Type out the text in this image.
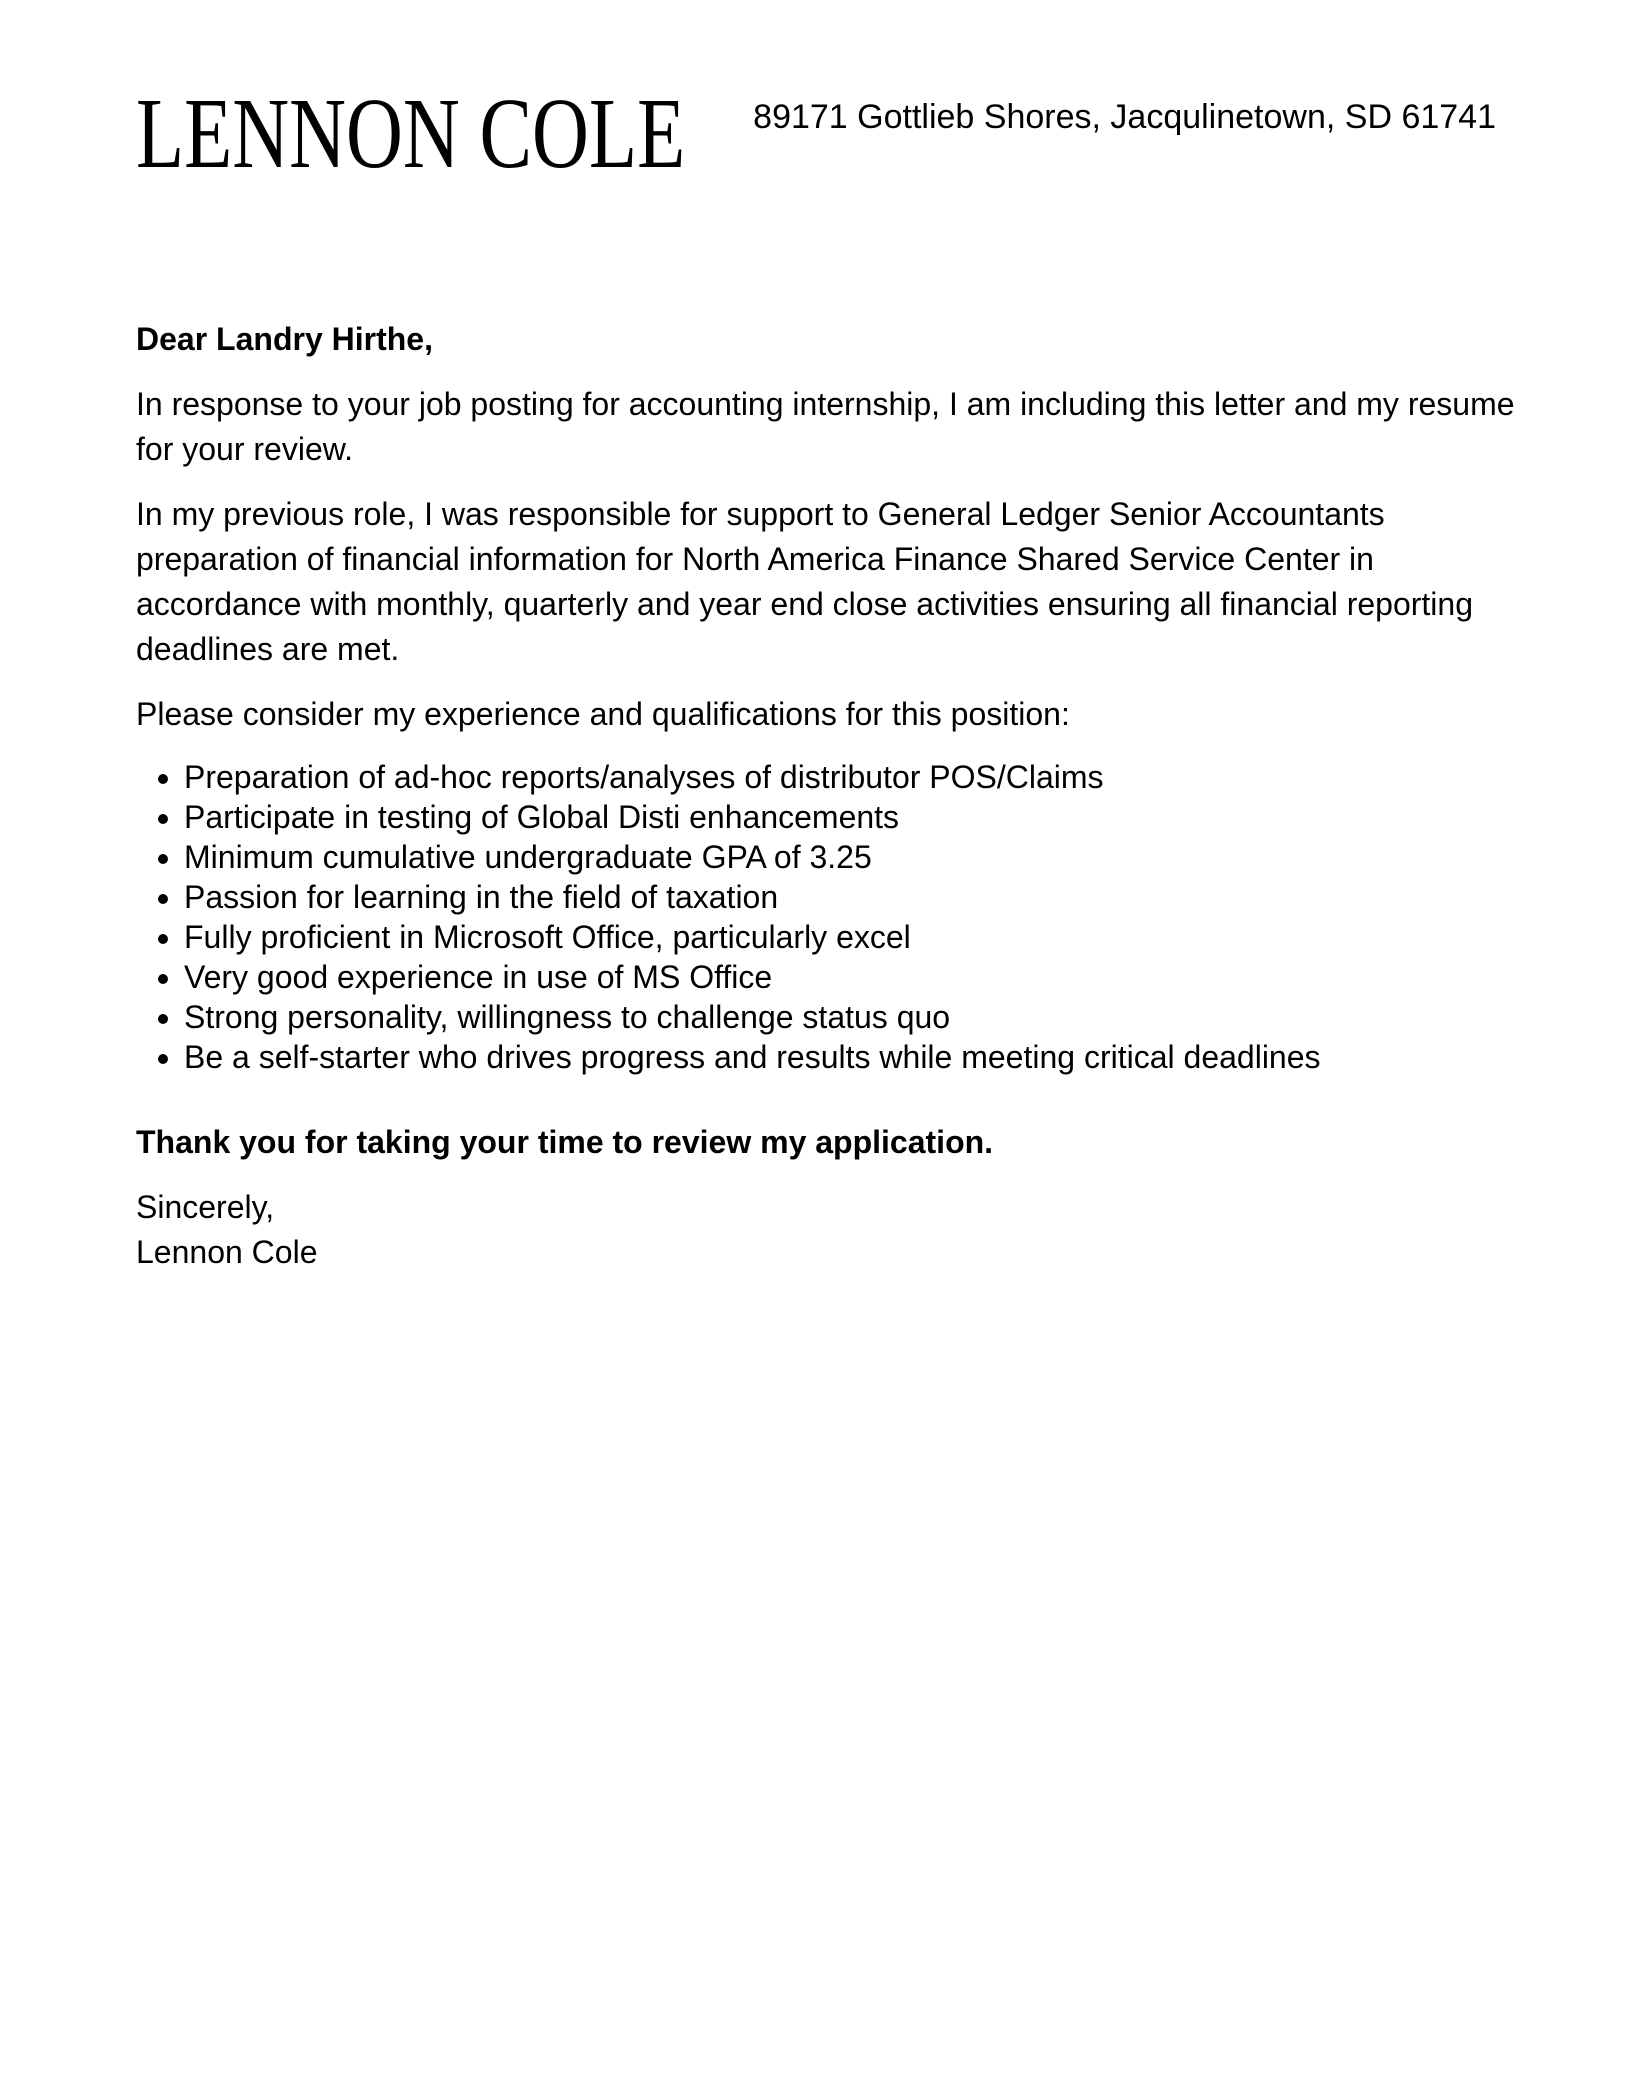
LENNON COLE	89171 Gottlieb Shores, Jacqulinetown, SD 61741

Dear Landry Hirthe,

In response to your job posting for accounting internship, I am including this letter and my resume for your review.

In my previous role, I was responsible for support to General Ledger Senior Accountants preparation of financial information for North America Finance Shared Service Center in accordance with monthly, quarterly and year end close activities ensuring all financial reporting deadlines are met.

Please consider my experience and qualifications for this position:

• Preparation of ad-hoc reports/analyses of distributor POS/Claims
• Participate in testing of Global Disti enhancements
• Minimum cumulative undergraduate GPA of 3.25
• Passion for learning in the field of taxation
• Fully proficient in Microsoft Office, particularly excel
• Very good experience in use of MS Office
• Strong personality, willingness to challenge status quo
• Be a self-starter who drives progress and results while meeting critical deadlines

Thank you for taking your time to review my application.

Sincerely,
Lennon Cole
